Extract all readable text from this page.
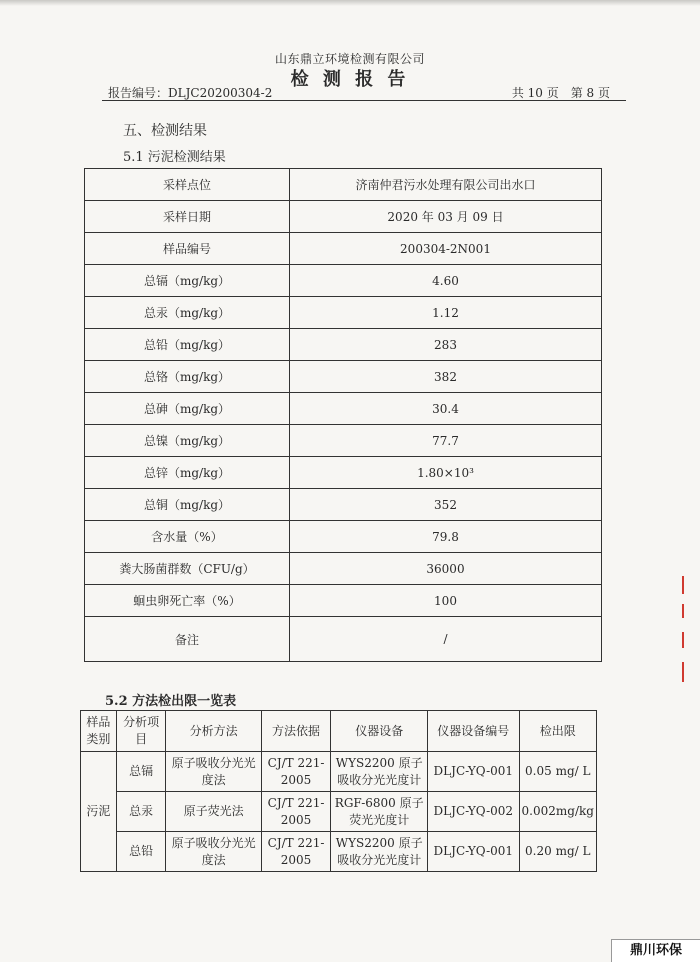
山东鼎立环境检测有限公司
检 测 报 告
报告编号：DLJC20200304-2	共 10 页　第 8 页
五、检测结果
5.1 污泥检测结果
采样点位	济南仲君污水处理有限公司出水口
采样日期	2020 年 03 月 09 日
样品编号	200304-2N001
总镉（mg/kg）	4.60
总汞（mg/kg）	1.12
总铅（mg/kg）	283
总铬（mg/kg）	382
总砷（mg/kg）	30.4
总镍（mg/kg）	77.7
总锌（mg/kg）	1.80×10³
总铜（mg/kg）	352
含水量（%）	79.8
粪大肠菌群数（CFU/g）	36000
蛔虫卵死亡率（%）	100
备注	/
5.2 方法检出限一览表
样品类别	分析项目	分析方法	方法依据	仪器设备	仪器设备编号	检出限
污泥	总镉	原子吸收分光光度法	CJ/T 221-2005	WYS2200 原子吸收分光光度计	DLJC-YQ-001	0.05 mg/ L
	总汞	原子荧光法	CJ/T 221-2005	RGF-6800 原子荧光光度计	DLJC-YQ-002	0.002mg/kg
	总铅	原子吸收分光光度法	CJ/T 221-2005	WYS2200 原子吸收分光光度计	DLJC-YQ-001	0.20 mg/ L
鼎川环保
